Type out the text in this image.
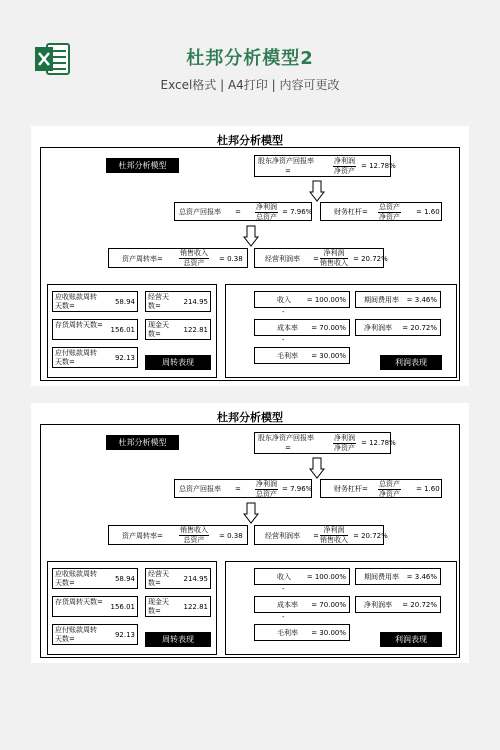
杜邦分析模型2
Excel格式 | A4打印 | 内容可更改
杜邦分析模型
杜邦分析模型	股东净资产回报率
=
净利润
净资产
= 12.78%
总资产回报率 =
净利润
总资产
= 7.96%	财务杠杆=
总资产
净资产
= 1.60
资产周转率=
销售收入
总资产	= 0.38	经营利润率 =
净利润
销售收入 = 20.72%
应收账款周转天数=	58.94
经营天数=	214.95
存货周转天数=
156.01
现金天数=	122.81
应付账款周转天数=	92.13	周转表现
收入 = 100.00%	期间费用率 = 3.46%
-
成本率 = 70.00%	净利润率 = 20.72%
-
毛利率 = 30.00%
利润表现
杜邦分析模型
杜邦分析模型	股东净资产回报率
=
净利润
净资产
= 12.78%
总资产回报率 =
净利润
总资产
= 7.96%	财务杠杆=
总资产
净资产
= 1.60
资产周转率=
销售收入
总资产	= 0.38	经营利润率 =
净利润
销售收入 = 20.72%
应收账款周转天数=	58.94
经营天数=	214.95
存货周转天数=
156.01
现金天数=	122.81
应付账款周转天数=	92.13	周转表现
收入 = 100.00%	期间费用率 = 3.46%
-
成本率 = 70.00%	净利润率 = 20.72%
-
毛利率 = 30.00%
利润表现
